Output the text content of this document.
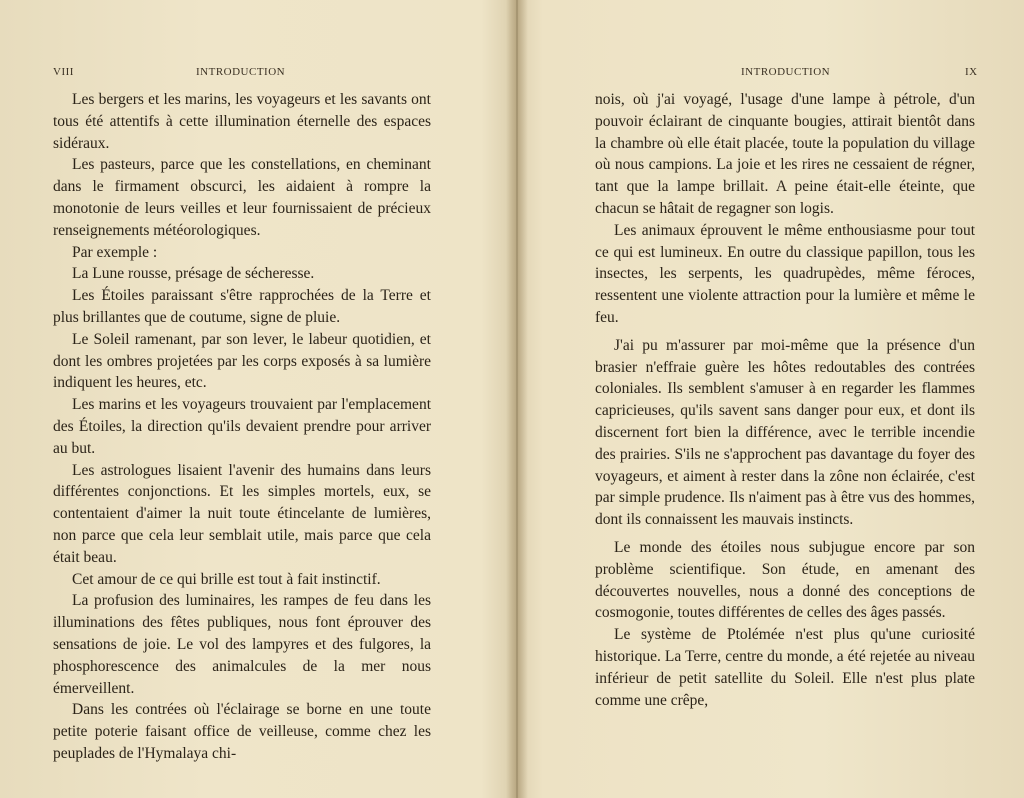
VIII	INTRODUCTION

Les bergers et les marins, les voyageurs et les savants ont tous été attentifs à cette illumination éternelle des espaces sidéraux.

Les pasteurs, parce que les constellations, en cheminant dans le firmament obscurci, les aidaient à rompre la monotonie de leurs veilles et leur fournissaient de précieux renseignements météorologiques.

Par exemple :

La Lune rousse, présage de sécheresse.

Les Étoiles paraissant s'être rapprochées de la Terre et plus brillantes que de coutume, signe de pluie.

Le Soleil ramenant, par son lever, le labeur quotidien, et dont les ombres projetées par les corps exposés à sa lumière indiquent les heures, etc.

Les marins et les voyageurs trouvaient par l'emplacement des Étoiles, la direction qu'ils devaient prendre pour arriver au but.

Les astrologues lisaient l'avenir des humains dans leurs différentes conjonctions. Et les simples mortels, eux, se contentaient d'aimer la nuit toute étincelante de lumières, non parce que cela leur semblait utile, mais parce que cela était beau.

Cet amour de ce qui brille est tout à fait instinctif.

La profusion des luminaires, les rampes de feu dans les illuminations des fêtes publiques, nous font éprouver des sensations de joie. Le vol des lampyres et des fulgores, la phosphorescence des animalcules de la mer nous émerveillent.

Dans les contrées où l'éclairage se borne en une toute petite poterie faisant office de veilleuse, comme chez les peuplades de l'Hymalaya chi-

INTRODUCTION	IX

nois, où j'ai voyagé, l'usage d'une lampe à pétrole, d'un pouvoir éclairant de cinquante bougies, attirait bientôt dans la chambre où elle était placée, toute la population du village où nous campions. La joie et les rires ne cessaient de régner, tant que la lampe brillait. A peine était-elle éteinte, que chacun se hâtait de regagner son logis.

Les animaux éprouvent le même enthousiasme pour tout ce qui est lumineux. En outre du classique papillon, tous les insectes, les serpents, les quadrupèdes, même féroces, ressentent une violente attraction pour la lumière et même le feu.

J'ai pu m'assurer par moi-même que la présence d'un brasier n'effraie guère les hôtes redoutables des contrées coloniales. Ils semblent s'amuser à en regarder les flammes capricieuses, qu'ils savent sans danger pour eux, et dont ils discernent fort bien la différence, avec le terrible incendie des prairies. S'ils ne s'approchent pas davantage du foyer des voyageurs, et aiment à rester dans la zône non éclairée, c'est par simple prudence. Ils n'aiment pas à être vus des hommes, dont ils connaissent les mauvais instincts.

Le monde des étoiles nous subjugue encore par son problème scientifique. Son étude, en amenant des découvertes nouvelles, nous a donné des conceptions de cosmogonie, toutes différentes de celles des âges passés.

Le système de Ptolémée n'est plus qu'une curiosité historique. La Terre, centre du monde, a été rejetée au niveau inférieur de petit satellite du Soleil. Elle n'est plus plate comme une crêpe,
